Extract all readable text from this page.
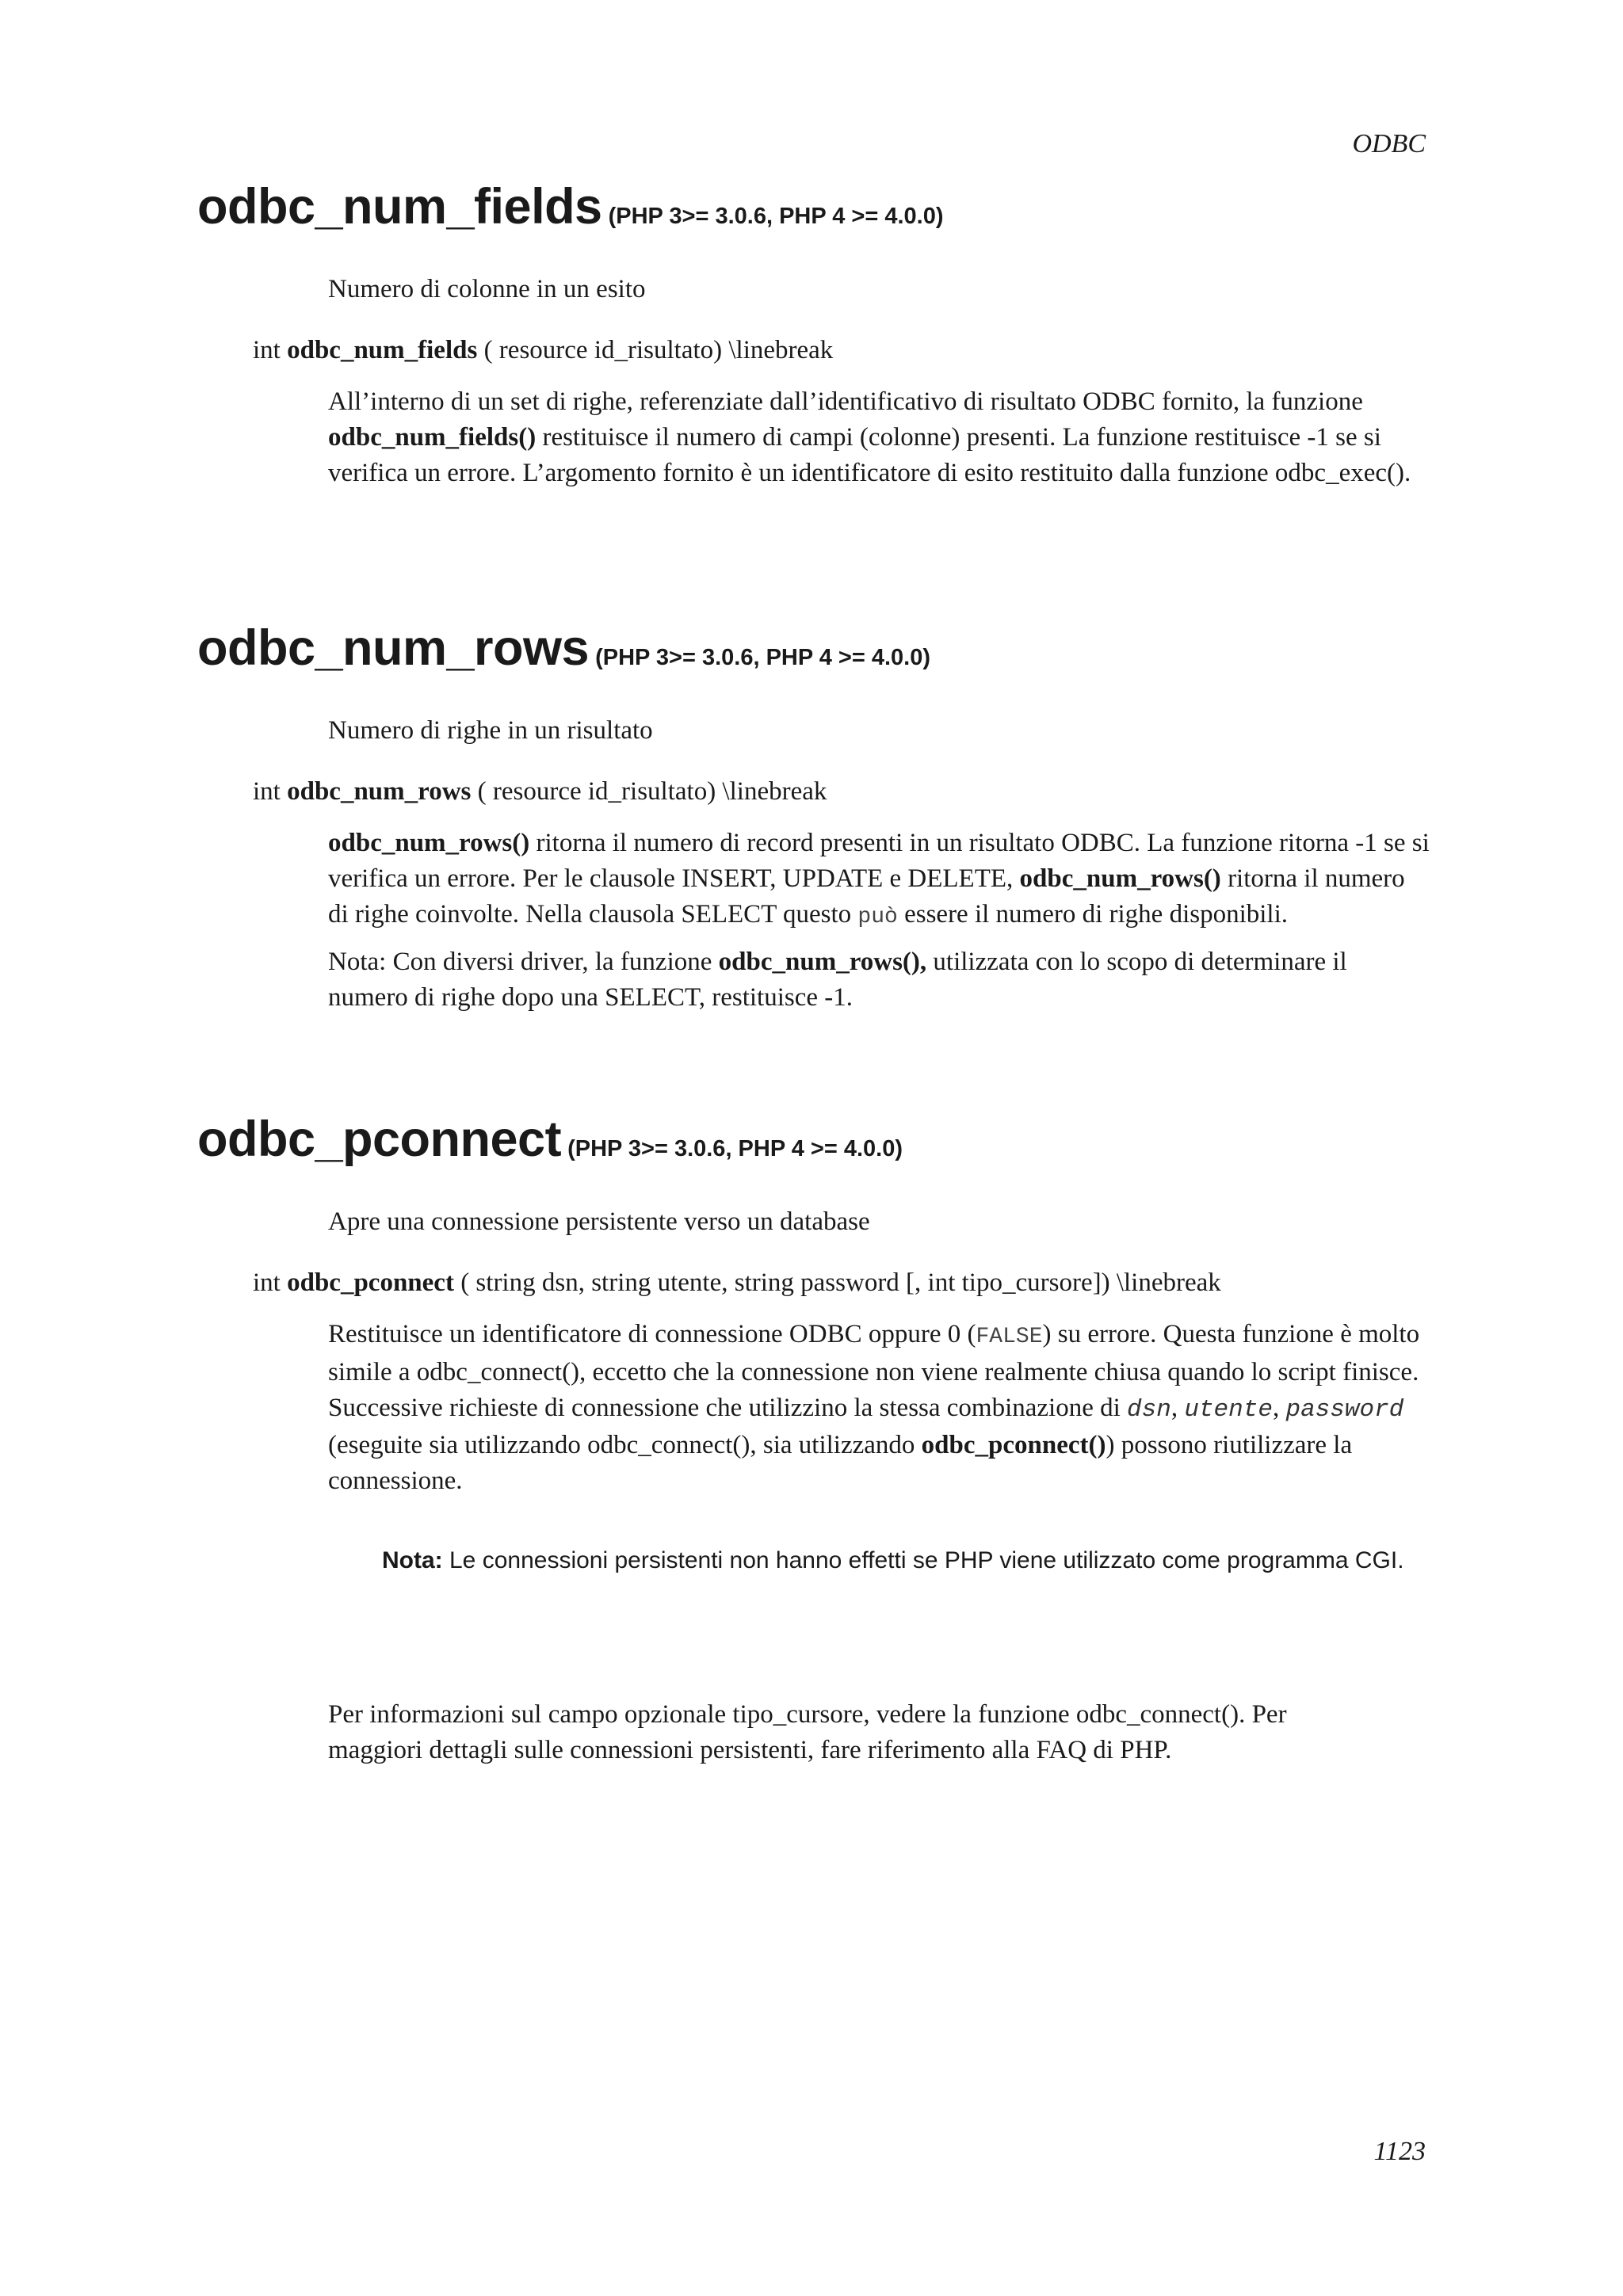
ODBC
odbc_num_fields (PHP 3>= 3.0.6, PHP 4 >= 4.0.0)
Numero di colonne in un esito
int odbc_num_fields ( resource id_risultato) \linebreak

All’interno di un set di righe, referenziate dall’identificativo di risultato ODBC fornito, la funzione odbc_num_fields() restituisce il numero di campi (colonne) presenti. La funzione restituisce -1 se si verifica un errore. L’argomento fornito è un identificatore di esito restituito dalla funzione odbc_exec().

odbc_num_rows (PHP 3>= 3.0.6, PHP 4 >= 4.0.0)
Numero di righe in un risultato
int odbc_num_rows ( resource id_risultato) \linebreak

odbc_num_rows() ritorna il numero di record presenti in un risultato ODBC. La funzione ritorna -1 se si verifica un errore. Per le clausole INSERT, UPDATE e DELETE, odbc_num_rows() ritorna il numero di righe coinvolte. Nella clausola SELECT questo può essere il numero di righe disponibili.

Nota: Con diversi driver, la funzione odbc_num_rows(), utilizzata con lo scopo di determinare il numero di righe dopo una SELECT, restituisce -1.

odbc_pconnect (PHP 3>= 3.0.6, PHP 4 >= 4.0.0)
Apre una connessione persistente verso un database
int odbc_pconnect ( string dsn, string utente, string password [, int tipo_cursore]) \linebreak

Restituisce un identificatore di connessione ODBC oppure 0 (FALSE) su errore. Questa funzione è molto simile a odbc_connect(), eccetto che la connessione non viene realmente chiusa quando lo script finisce. Successive richieste di connessione che utilizzino la stessa combinazione di dsn, utente, password (eseguite sia utilizzando odbc_connect(), sia utilizzando odbc_pconnect()) possono riutilizzare la connessione.

Nota: Le connessioni persistenti non hanno effetti se PHP viene utilizzato come programma CGI.
Per informazioni sul campo opzionale tipo_cursore, vedere la funzione odbc_connect(). Per maggiori dettagli sulle connessioni persistenti, fare riferimento alla FAQ di PHP.
1123
